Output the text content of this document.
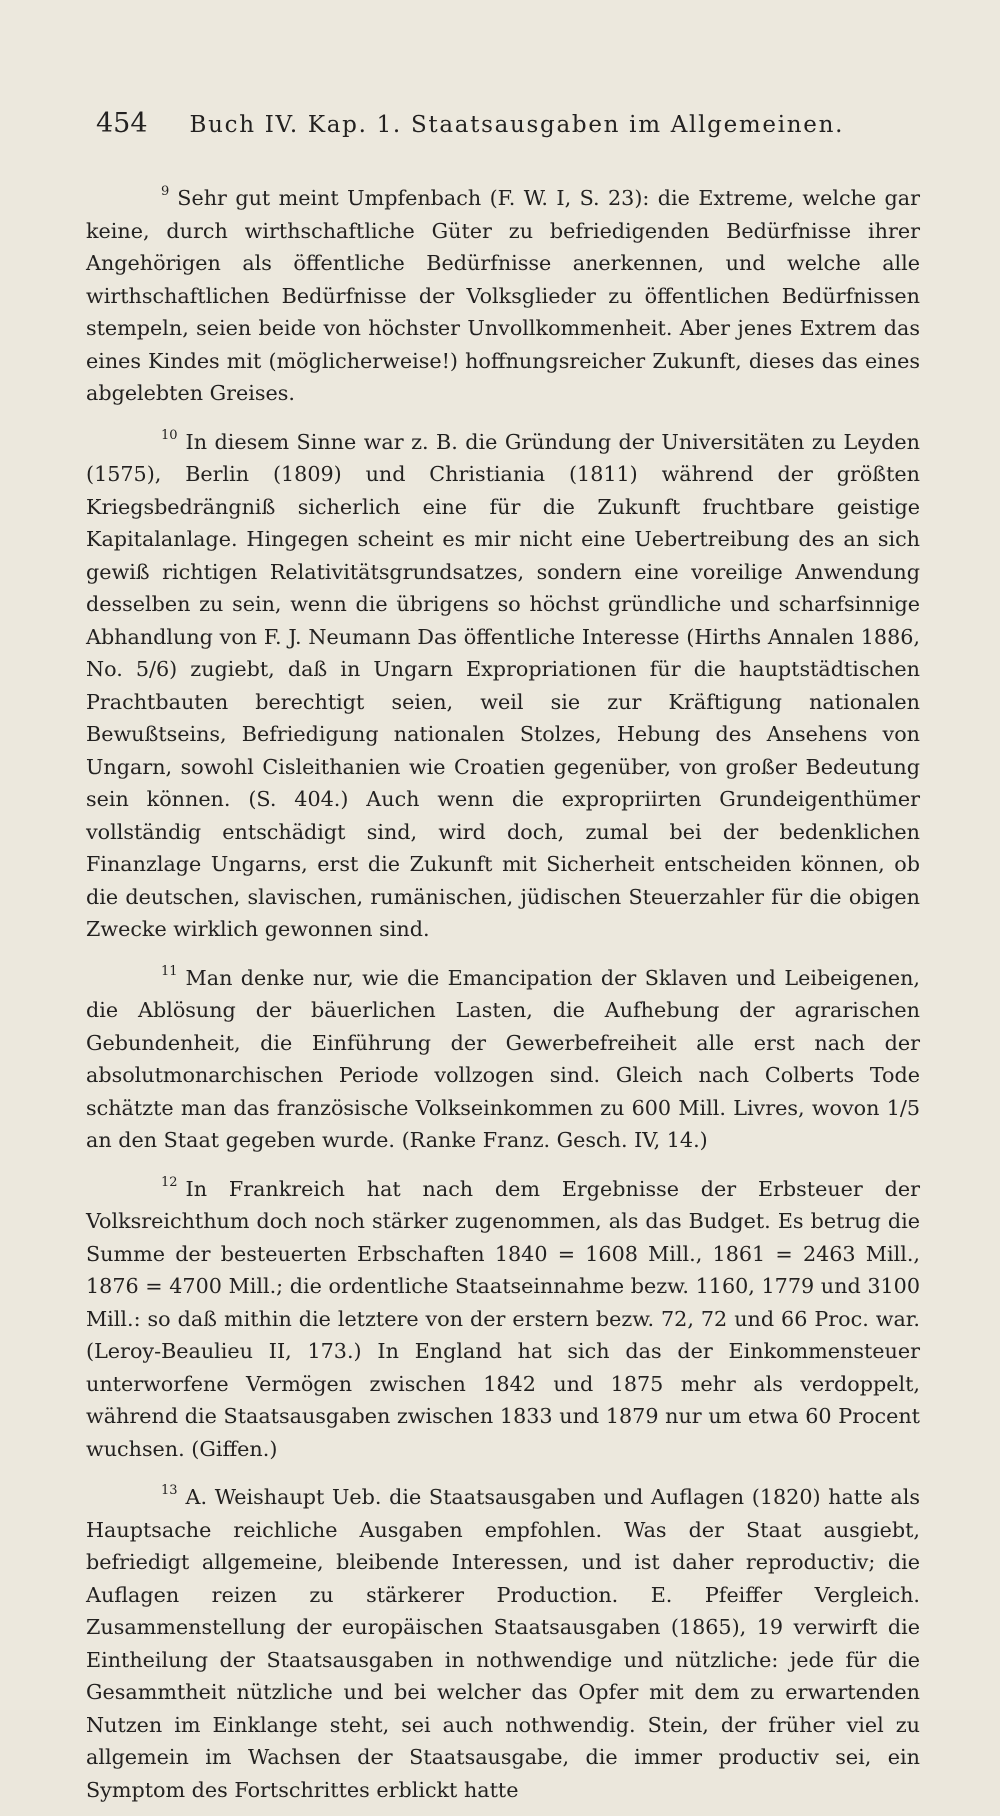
454 Buch IV. Kap. 1. Staatsausgaben im Allgemeinen.

$^9$ Sehr gut meint Umpfenbach (F. W. I, S. 23): die Extreme, welche gar keine, durch wirthschaftliche Güter zu befriedigenden Bedürfnisse ihrer Angehörigen als öffentliche Bedürfnisse anerkennen, und welche alle wirthschaftlichen Bedürfnisse der Volksglieder zu öffentlichen Bedürfnissen stempeln, seien beide von höchster Unvollkommenheit. Aber jenes Extrem das eines Kindes mit (möglicherweise!) hoffnungsreicher Zukunft, dieses das eines abgelebten Greises.

$^{10}$ In diesem Sinne war z. B. die Gründung der Universitäten zu Leyden (1575), Berlin (1809) und Christiania (1811) während der größten Kriegsbedrängniß sicherlich eine für die Zukunft fruchtbare geistige Kapitalanlage. Hingegen scheint es mir nicht eine Uebertreibung des an sich gewiß richtigen Relativitätsgrundsatzes, sondern eine voreilige Anwendung desselben zu sein, wenn die übrigens so höchst gründliche und scharfsinnige Abhandlung von F. J. Neumann Das öffentliche Interesse (Hirths Annalen 1886, No. 5/6) zugiebt, daß in Ungarn Expropriationen für die hauptstädtischen Prachtbauten berechtigt seien, weil sie zur Kräftigung nationalen Bewußtseins, Befriedigung nationalen Stolzes, Hebung des Ansehens von Ungarn, sowohl Cisleithanien wie Croatien gegenüber, von großer Bedeutung sein können. (S. 404.) Auch wenn die expropriirten Grundeigenthümer vollständig entschädigt sind, wird doch, zumal bei der bedenklichen Finanzlage Ungarns, erst die Zukunft mit Sicherheit entscheiden können, ob die deutschen, slavischen, rumänischen, jüdischen Steuerzahler für die obigen Zwecke wirklich gewonnen sind.

$^{11}$ Man denke nur, wie die Emancipation der Sklaven und Leibeigenen, die Ablösung der bäuerlichen Lasten, die Aufhebung der agrarischen Gebundenheit, die Einführung der Gewerbefreiheit alle erst nach der absolutmonarchischen Periode vollzogen sind. Gleich nach Colberts Tode schätzte man das französische Volkseinkommen zu 600 Mill. Livres, wovon 1/5 an den Staat gegeben wurde. (Ranke Franz. Gesch. IV, 14.)

$^{12}$ In Frankreich hat nach dem Ergebnisse der Erbsteuer der Volksreichthum doch noch stärker zugenommen, als das Budget. Es betrug die Summe der besteuerten Erbschaften 1840 = 1608 Mill., 1861 = 2463 Mill., 1876 = 4700 Mill.; die ordentliche Staatseinnahme bezw. 1160, 1779 und 3100 Mill.: so daß mithin die letztere von der erstern bezw. 72, 72 und 66 Proc. war. (Leroy-Beaulieu II, 173.) In England hat sich das der Einkommensteuer unterworfene Vermögen zwischen 1842 und 1875 mehr als verdoppelt, während die Staatsausgaben zwischen 1833 und 1879 nur um etwa 60 Procent wuchsen. (Giffen.)

$^{13}$ A. Weishaupt Ueb. die Staatsausgaben und Auflagen (1820) hatte als Hauptsache reichliche Ausgaben empfohlen. Was der Staat ausgiebt, befriedigt allgemeine, bleibende Interessen, und ist daher reproductiv; die Auflagen reizen zu stärkerer Production. E. Pfeiffer Vergleich. Zusammenstellung der europäischen Staatsausgaben (1865), 19 verwirft die Eintheilung der Staatsausgaben in nothwendige und nützliche: jede für die Gesammtheit nützliche und bei welcher das Opfer mit dem zu erwartenden Nutzen im Einklange steht, sei auch nothwendig. Stein, der früher viel zu allgemein im Wachsen der Staatsausgabe, die immer productiv sei, ein Symptom des Fortschrittes erblickt hatte
